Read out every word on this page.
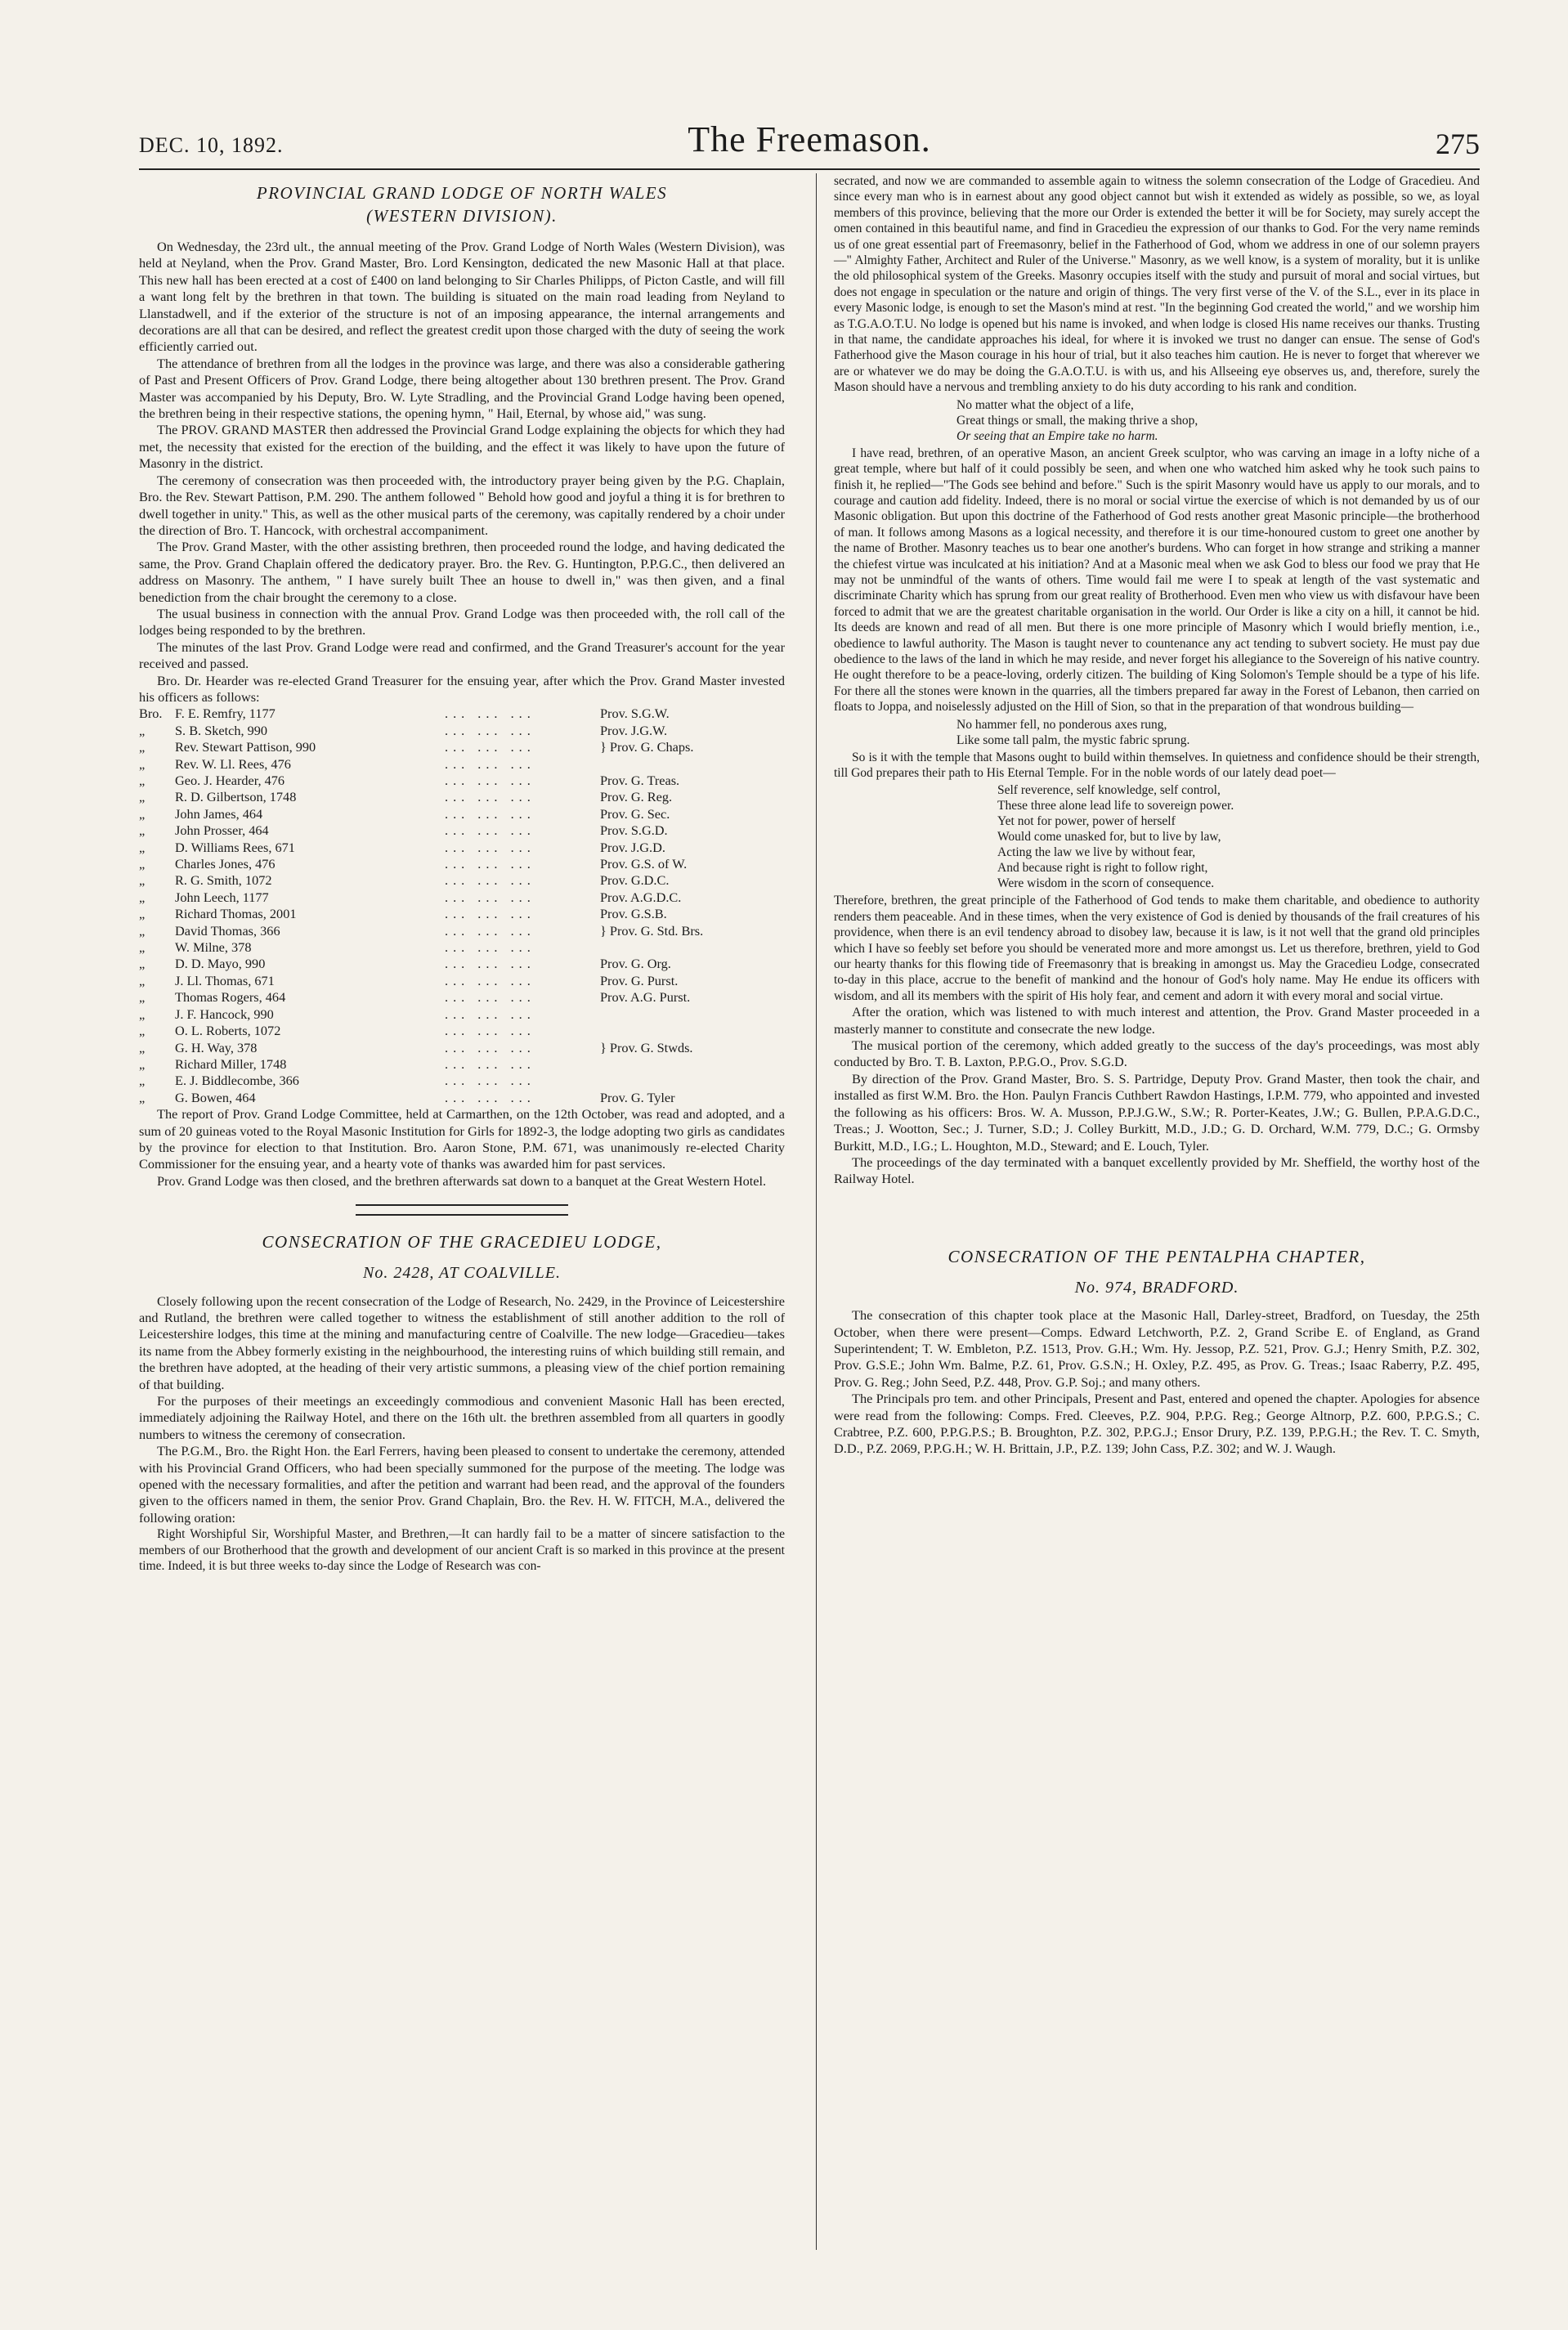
DEC. 10, 1892.	The Freemason.	275
PROVINCIAL GRAND LODGE OF NORTH WALES
(WESTERN DIVISION).

On Wednesday, the 23rd ult., the annual meeting of the Prov. Grand Lodge of North Wales (Western Division), was held at Neyland, when the Prov. Grand Master, Bro. Lord Kensington, dedicated the new Masonic Hall at that place. This new hall has been erected at a cost of £400 on land belonging to Sir Charles Philipps, of Picton Castle, and will fill a want long felt by the brethren in that town. The building is situated on the main road leading from Neyland to Llanstadwell, and if the exterior of the structure is not of an imposing appearance, the internal arrangements and decorations are all that can be desired, and reflect the greatest credit upon those charged with the duty of seeing the work efficiently carried out.

The attendance of brethren from all the lodges in the province was large, and there was also a considerable gathering of Past and Present Officers of Prov. Grand Lodge, there being altogether about 130 brethren present. The Prov. Grand Master was accompanied by his Deputy, Bro. W. Lyte Stradling, and the Provincial Grand Lodge having been opened, the brethren being in their respective stations, the opening hymn, " Hail, Eternal, by whose aid," was sung.

The PROV. GRAND MASTER then addressed the Provincial Grand Lodge explaining the objects for which they had met, the necessity that existed for the erection of the building, and the effect it was likely to have upon the future of Masonry in the district.

The ceremony of consecration was then proceeded with, the introductory prayer being given by the P.G. Chaplain, Bro. the Rev. Stewart Pattison, P.M. 290. The anthem followed " Behold how good and joyful a thing it is for brethren to dwell together in unity." This, as well as the other musical parts of the ceremony, was capitally rendered by a choir under the direction of Bro. T. Hancock, with orchestral accompaniment.

The Prov. Grand Master, with the other assisting brethren, then proceeded round the lodge, and having dedicated the same, the Prov. Grand Chaplain offered the dedicatory prayer. Bro. the Rev. G. Huntington, P.P.G.C., then delivered an address on Masonry. The anthem, " I have surely built Thee an house to dwell in," was then given, and a final benediction from the chair brought the ceremony to a close.

The usual business in connection with the annual Prov. Grand Lodge was then proceeded with, the roll call of the lodges being responded to by the brethren.

The minutes of the last Prov. Grand Lodge were read and confirmed, and the Grand Treasurer's account for the year received and passed.

Bro. Dr. Hearder was re-elected Grand Treasurer for the ensuing year, after which the Prov. Grand Master invested his officers as follows:

Bro.	F. E. Remfry, 1177	... ... ...	Prov. S.G.W.
„	S. B. Sketch, 990	... ... ...	Prov. J.G.W.
„	Rev. Stewart Pattison, 990	... ... ...	} Prov. G. Chaps.
„	Rev. W. Ll. Rees, 476	... ... ...	
„	Geo. J. Hearder, 476	... ... ...	Prov. G. Treas.
„	R. D. Gilbertson, 1748	... ... ...	Prov. G. Reg.
„	John James, 464	... ... ...	Prov. G. Sec.
„	John Prosser, 464	... ... ...	Prov. S.G.D.
„	D. Williams Rees, 671	... ... ...	Prov. J.G.D.
„	Charles Jones, 476	... ... ...	Prov. G.S. of W.
„	R. G. Smith, 1072	... ... ...	Prov. G.D.C.
„	John Leech, 1177	... ... ...	Prov. A.G.D.C.
„	Richard Thomas, 2001	... ... ...	Prov. G.S.B.
„	David Thomas, 366	... ... ...	} Prov. G. Std. Brs.
„	W. Milne, 378	... ... ...	
„	D. D. Mayo, 990	... ... ...	Prov. G. Org.
„	J. Ll. Thomas, 671	... ... ...	Prov. G. Purst.
„	Thomas Rogers, 464	... ... ...	Prov. A.G. Purst.
„	J. F. Hancock, 990	... ... ...	
„	O. L. Roberts, 1072	... ... ...	
„	G. H. Way, 378	... ... ...	} Prov. G. Stwds.
„	Richard Miller, 1748	... ... ...	
„	E. J. Biddlecombe, 366	... ... ...	
„	G. Bowen, 464	... ... ...	Prov. G. Tyler

The report of Prov. Grand Lodge Committee, held at Carmarthen, on the 12th October, was read and adopted, and a sum of 20 guineas voted to the Royal Masonic Institution for Girls for 1892-3, the lodge adopting two girls as candidates by the province for election to that Institution. Bro. Aaron Stone, P.M. 671, was unanimously re-elected Charity Commissioner for the ensuing year, and a hearty vote of thanks was awarded him for past services.

Prov. Grand Lodge was then closed, and the brethren afterwards sat down to a banquet at the Great Western Hotel.

CONSECRATION OF THE GRACEDIEU LODGE,
No. 2428, AT COALVILLE.

Closely following upon the recent consecration of the Lodge of Research, No. 2429, in the Province of Leicestershire and Rutland, the brethren were called together to witness the establishment of still another addition to the roll of Leicestershire lodges, this time at the mining and manufacturing centre of Coalville. The new lodge—Gracedieu—takes its name from the Abbey formerly existing in the neighbourhood, the interesting ruins of which building still remain, and the brethren have adopted, at the heading of their very artistic summons, a pleasing view of the chief portion remaining of that building.

For the purposes of their meetings an exceedingly commodious and convenient Masonic Hall has been erected, immediately adjoining the Railway Hotel, and there on the 16th ult. the brethren assembled from all quarters in goodly numbers to witness the ceremony of consecration.

The P.G.M., Bro. the Right Hon. the Earl Ferrers, having been pleased to consent to undertake the ceremony, attended with his Provincial Grand Officers, who had been specially summoned for the purpose of the meeting. The lodge was opened with the necessary formalities, and after the petition and warrant had been read, and the approval of the founders given to the officers named in them, the senior Prov. Grand Chaplain, Bro. the Rev. H. W. FITCH, M.A., delivered the following oration:

Right Worshipful Sir, Worshipful Master, and Brethren,—It can hardly fail to be a matter of sincere satisfaction to the members of our Brotherhood that the growth and development of our ancient Craft is so marked in this province at the present time. Indeed, it is but three weeks to-day since the Lodge of Research was con-

secrated, and now we are commanded to assemble again to witness the solemn consecration of the Lodge of Gracedieu. And since every man who is in earnest about any good object cannot but wish it extended as widely as possible, so we, as loyal members of this province, believing that the more our Order is extended the better it will be for Society, may surely accept the omen contained in this beautiful name, and find in Gracedieu the expression of our thanks to God. For the very name reminds us of one great essential part of Freemasonry, belief in the Fatherhood of God, whom we address in one of our solemn prayers—" Almighty Father, Architect and Ruler of the Universe." Masonry, as we well know, is a system of morality, but it is unlike the old philosophical system of the Greeks. Masonry occupies itself with the study and pursuit of moral and social virtues, but does not engage in speculation or the nature and origin of things. The very first verse of the V. of the S.L., ever in its place in every Masonic lodge, is enough to set the Mason's mind at rest. "In the beginning God created the world," and we worship him as T.G.A.O.T.U. No lodge is opened but his name is invoked, and when lodge is closed His name receives our thanks. Trusting in that name, the candidate approaches his ideal, for where it is invoked we trust no danger can ensue. The sense of God's Fatherhood give the Mason courage in his hour of trial, but it also teaches him caution. He is never to forget that wherever we are or whatever we do may be doing the G.A.O.T.U. is with us, and his Allseeing eye observes us, and, therefore, surely the Mason should have a nervous and trembling anxiety to do his duty according to his rank and condition.

No matter what the object of a life,
Great things or small, the making thrive a shop,
Or seeing that an Empire take no harm.

I have read, brethren, of an operative Mason, an ancient Greek sculptor, who was carving an image in a lofty niche of a great temple, where but half of it could possibly be seen, and when one who watched him asked why he took such pains to finish it, he replied—"The Gods see behind and before." Such is the spirit Masonry would have us apply to our morals, and to courage and caution add fidelity. Indeed, there is no moral or social virtue the exercise of which is not demanded by us of our Masonic obligation. But upon this doctrine of the Fatherhood of God rests another great Masonic principle—the brotherhood of man. It follows among Masons as a logical necessity, and therefore it is our time-honoured custom to greet one another by the name of Brother. Masonry teaches us to bear one another's burdens. Who can forget in how strange and striking a manner the chiefest virtue was inculcated at his initiation? And at a Masonic meal when we ask God to bless our food we pray that He may not be unmindful of the wants of others. Time would fail me were I to speak at length of the vast systematic and discriminate Charity which has sprung from our great reality of Brotherhood. Even men who view us with disfavour have been forced to admit that we are the greatest charitable organisation in the world. Our Order is like a city on a hill, it cannot be hid. Its deeds are known and read of all men. But there is one more principle of Masonry which I would briefly mention, i.e., obedience to lawful authority. The Mason is taught never to countenance any act tending to subvert society. He must pay due obedience to the laws of the land in which he may reside, and never forget his allegiance to the Sovereign of his native country. He ought therefore to be a peace-loving, orderly citizen. The building of King Solomon's Temple should be a type of his life. For there all the stones were known in the quarries, all the timbers prepared far away in the Forest of Lebanon, then carried on floats to Joppa, and noiselessly adjusted on the Hill of Sion, so that in the preparation of that wondrous building—

No hammer fell, no ponderous axes rung,
Like some tall palm, the mystic fabric sprung.

So is it with the temple that Masons ought to build within themselves. In quietness and confidence should be their strength, till God prepares their path to His Eternal Temple. For in the noble words of our lately dead poet—

Self reverence, self knowledge, self control,
These three alone lead life to sovereign power.
Yet not for power, power of herself
Would come unasked for, but to live by law,
Acting the law we live by without fear,
And because right is right to follow right,
Were wisdom in the scorn of consequence.

Therefore, brethren, the great principle of the Fatherhood of God tends to make them charitable, and obedience to authority renders them peaceable. And in these times, when the very existence of God is denied by thousands of the frail creatures of his providence, when there is an evil tendency abroad to disobey law, because it is law, is it not well that the grand old principles which I have so feebly set before you should be venerated more and more amongst us. Let us therefore, brethren, yield to God our hearty thanks for this flowing tide of Freemasonry that is breaking in amongst us. May the Gracedieu Lodge, consecrated to-day in this place, accrue to the benefit of mankind and the honour of God's holy name. May He endue its officers with wisdom, and all its members with the spirit of His holy fear, and cement and adorn it with every moral and social virtue.

After the oration, which was listened to with much interest and attention, the Prov. Grand Master proceeded in a masterly manner to constitute and consecrate the new lodge.

The musical portion of the ceremony, which added greatly to the success of the day's proceedings, was most ably conducted by Bro. T. B. Laxton, P.P.G.O., Prov. S.G.D.

By direction of the Prov. Grand Master, Bro. S. S. Partridge, Deputy Prov. Grand Master, then took the chair, and installed as first W.M. Bro. the Hon. Paulyn Francis Cuthbert Rawdon Hastings, I.P.M. 779, who appointed and invested the following as his officers: Bros. W. A. Musson, P.P.J.G.W., S.W.; R. Porter-Keates, J.W.; G. Bullen, P.P.A.G.D.C., Treas.; J. Wootton, Sec.; J. Turner, S.D.; J. Colley Burkitt, M.D., J.D.; G. D. Orchard, W.M. 779, D.C.; G. Ormsby Burkitt, M.D., I.G.; L. Houghton, M.D., Steward; and E. Louch, Tyler.

The proceedings of the day terminated with a banquet excellently provided by Mr. Sheffield, the worthy host of the Railway Hotel.

CONSECRATION OF THE PENTALPHA CHAPTER,
No. 974, BRADFORD.

The consecration of this chapter took place at the Masonic Hall, Darley-street, Bradford, on Tuesday, the 25th October, when there were present—Comps. Edward Letchworth, P.Z. 2, Grand Scribe E. of England, as Grand Superintendent; T. W. Embleton, P.Z. 1513, Prov. G.H.; Wm. Hy. Jessop, P.Z. 521, Prov. G.J.; Henry Smith, P.Z. 302, Prov. G.S.E.; John Wm. Balme, P.Z. 61, Prov. G.S.N.; H. Oxley, P.Z. 495, as Prov. G. Treas.; Isaac Raberry, P.Z. 495, Prov. G. Reg.; John Seed, P.Z. 448, Prov. G.P. Soj.; and many others.

The Principals pro tem. and other Principals, Present and Past, entered and opened the chapter. Apologies for absence were read from the following: Comps. Fred. Cleeves, P.Z. 904, P.P.G. Reg.; George Altnorp, P.Z. 600, P.P.G.S.; C. Crabtree, P.Z. 600, P.P.G.P.S.; B. Broughton, P.Z. 302, P.P.G.J.; Ensor Drury, P.Z. 139, P.P.G.H.; the Rev. T. C. Smyth, D.D., P.Z. 2069, P.P.G.H.; W. H. Brittain, J.P., P.Z. 139; John Cass, P.Z. 302; and W. J. Waugh.
